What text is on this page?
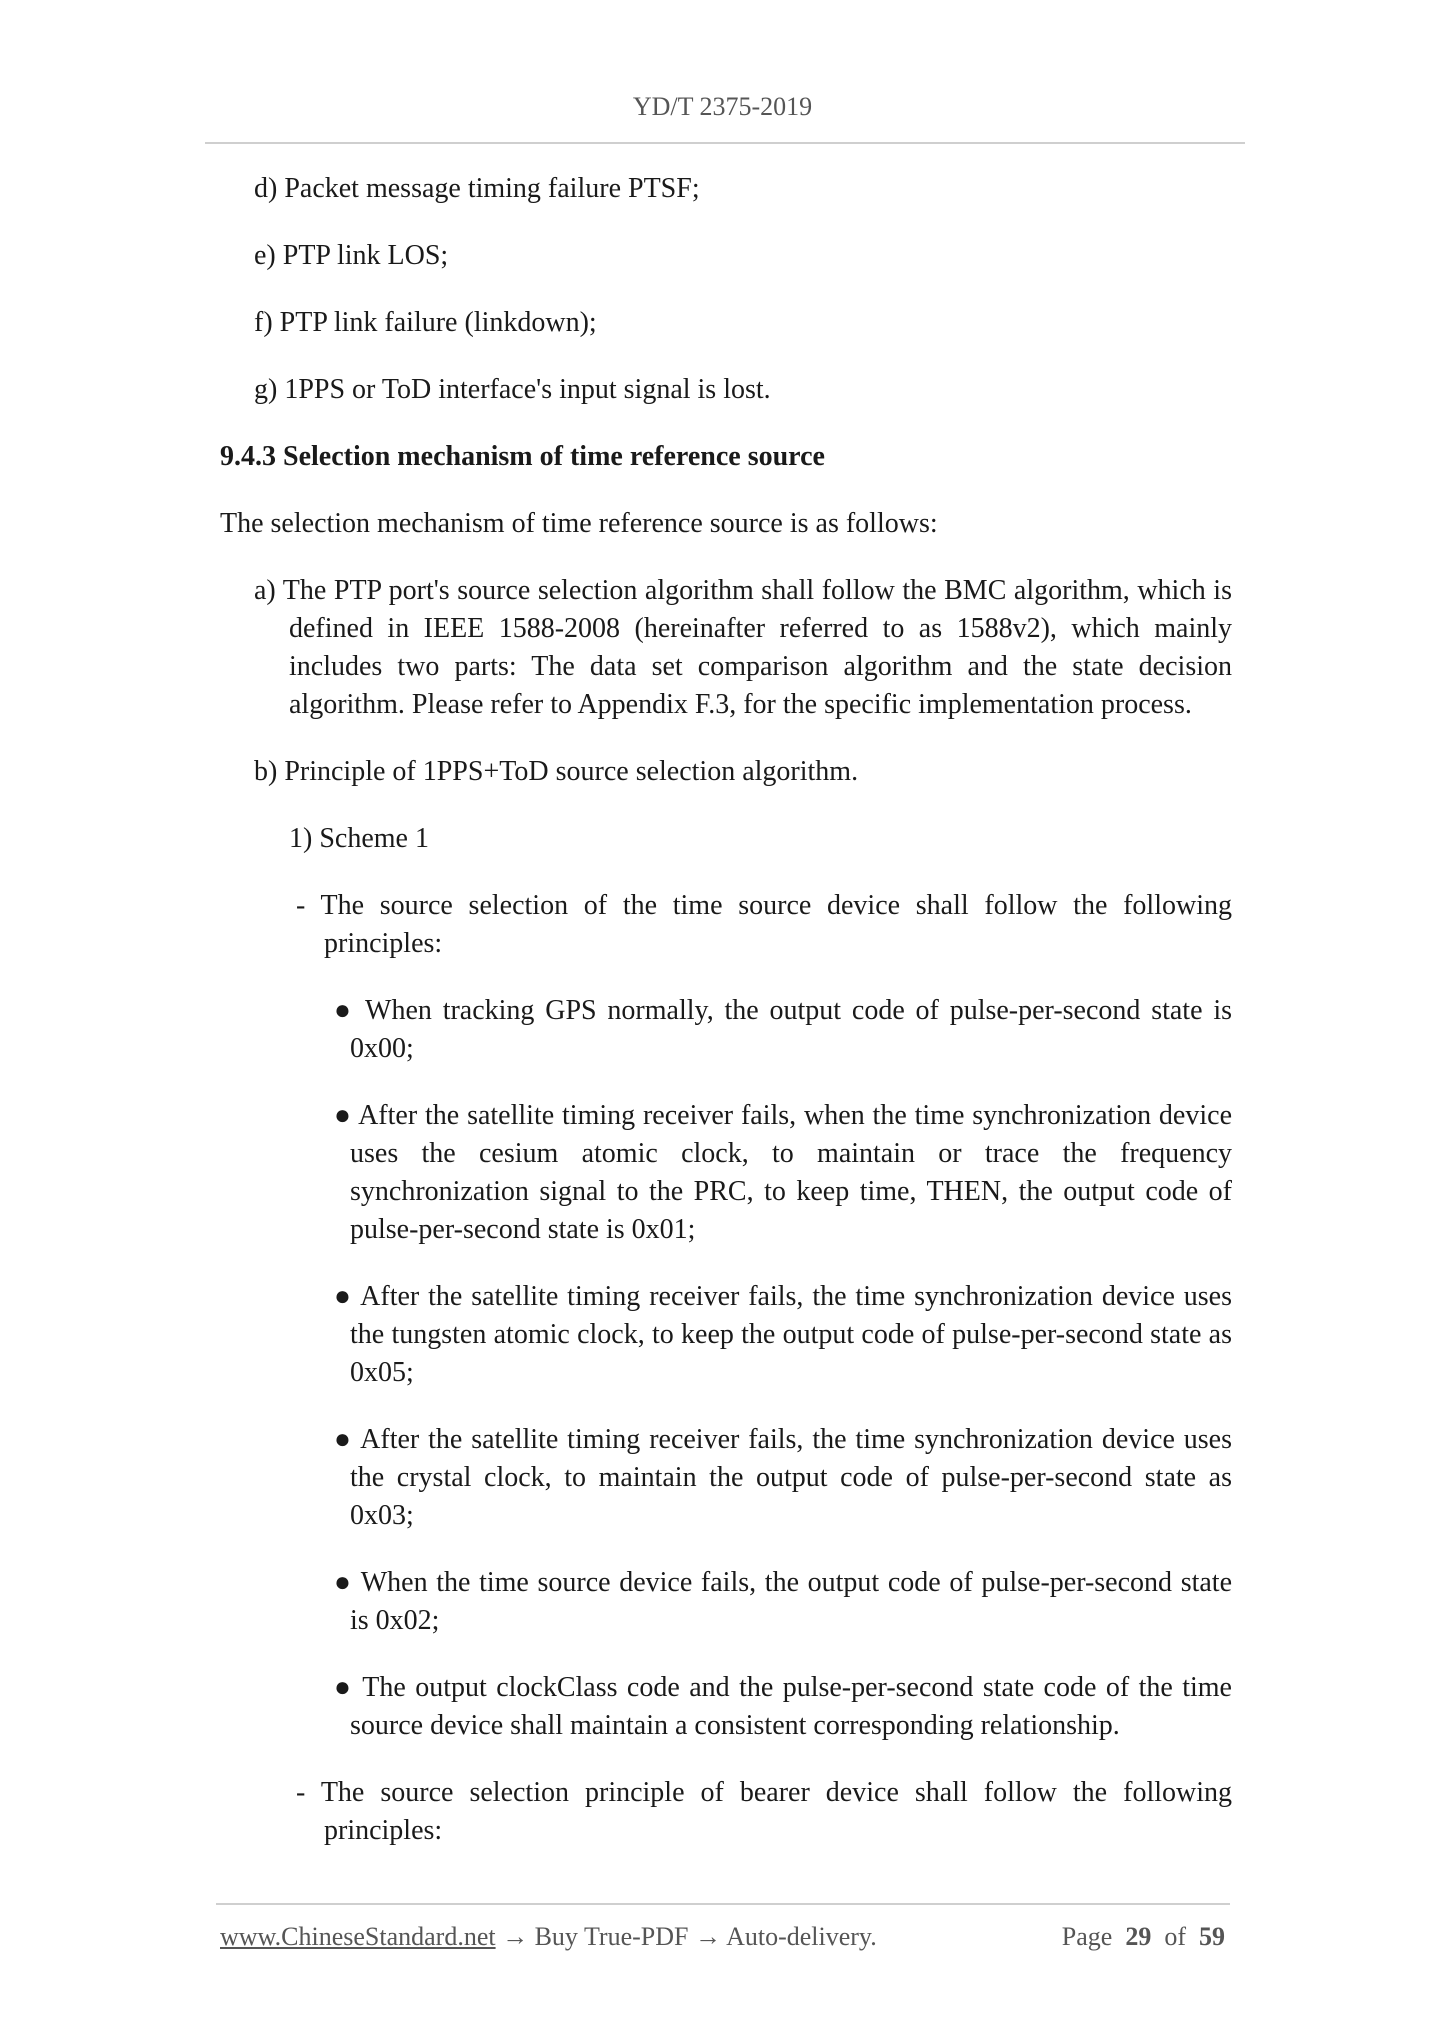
YD/T 2375-2019

d) Packet message timing failure PTSF;

e) PTP link LOS;

f) PTP link failure (linkdown);

g) 1PPS or ToD interface's input signal is lost.

9.4.3 Selection mechanism of time reference source

The selection mechanism of time reference source is as follows:

a) The PTP port's source selection algorithm shall follow the BMC algorithm, which is defined in IEEE 1588-2008 (hereinafter referred to as 1588v2), which mainly includes two parts: The data set comparison algorithm and the state decision algorithm. Please refer to Appendix F.3, for the specific implementation process.

b) Principle of 1PPS+ToD source selection algorithm.

1) Scheme 1

- The source selection of the time source device shall follow the following principles:

● When tracking GPS normally, the output code of pulse-per-second state is 0x00;

● After the satellite timing receiver fails, when the time synchronization device uses the cesium atomic clock, to maintain or trace the frequency synchronization signal to the PRC, to keep time, THEN, the output code of pulse-per-second state is 0x01;

● After the satellite timing receiver fails, the time synchronization device uses the tungsten atomic clock, to keep the output code of pulse-per-second state as 0x05;

● After the satellite timing receiver fails, the time synchronization device uses the crystal clock, to maintain the output code of pulse-per-second state as 0x03;

● When the time source device fails, the output code of pulse-per-second state is 0x02;

● The output clockClass code and the pulse-per-second state code of the time source device shall maintain a consistent corresponding relationship.

- The source selection principle of bearer device shall follow the following principles:

www.ChineseStandard.net → Buy True-PDF → Auto-delivery.	Page 29 of 59
